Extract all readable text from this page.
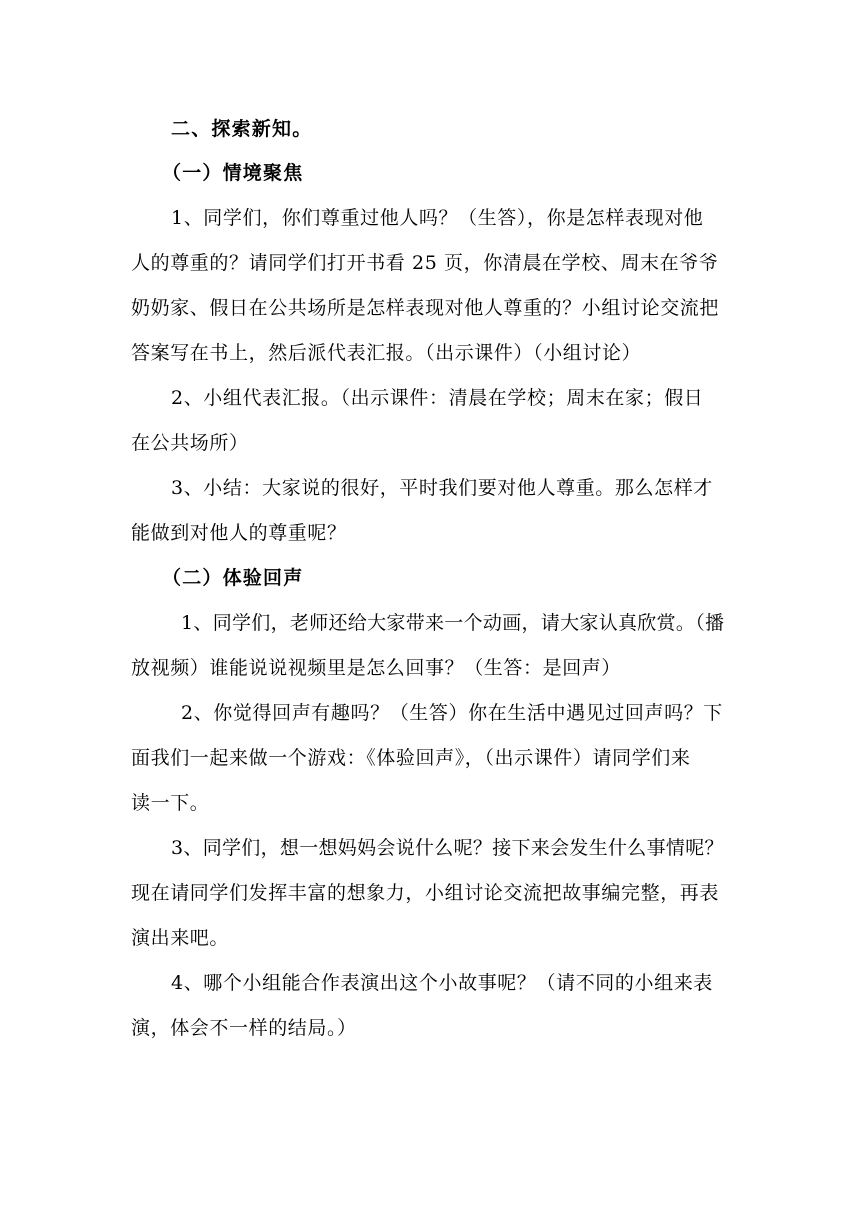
二、探索新知。

（一）情境聚焦

1、同学们，你们尊重过他人吗？（生答），你是怎样表现对他

人的尊重的？请同学们打开书看 25 页，你清晨在学校、周末在爷爷

奶奶家、假日在公共场所是怎样表现对他人尊重的？小组讨论交流把

答案写在书上，然后派代表汇报。（出示课件）（小组讨论）

2、小组代表汇报。（出示课件：清晨在学校；周末在家；假日

在公共场所）

3、小结：大家说的很好，平时我们要对他人尊重。那么怎样才

能做到对他人的尊重呢？

（二）体验回声

1、同学们，老师还给大家带来一个动画，请大家认真欣赏。（播

放视频）谁能说说视频里是怎么回事？（生答：是回声）

2、你觉得回声有趣吗？（生答）你在生活中遇见过回声吗？下

面我们一起来做一个游戏：《体验回声》，（出示课件）请同学们来

读一下。

3、同学们，想一想妈妈会说什么呢？接下来会发生什么事情呢？

现在请同学们发挥丰富的想象力，小组讨论交流把故事编完整，再表

演出来吧。

4、哪个小组能合作表演出这个小故事呢？（请不同的小组来表

演，体会不一样的结局。）
